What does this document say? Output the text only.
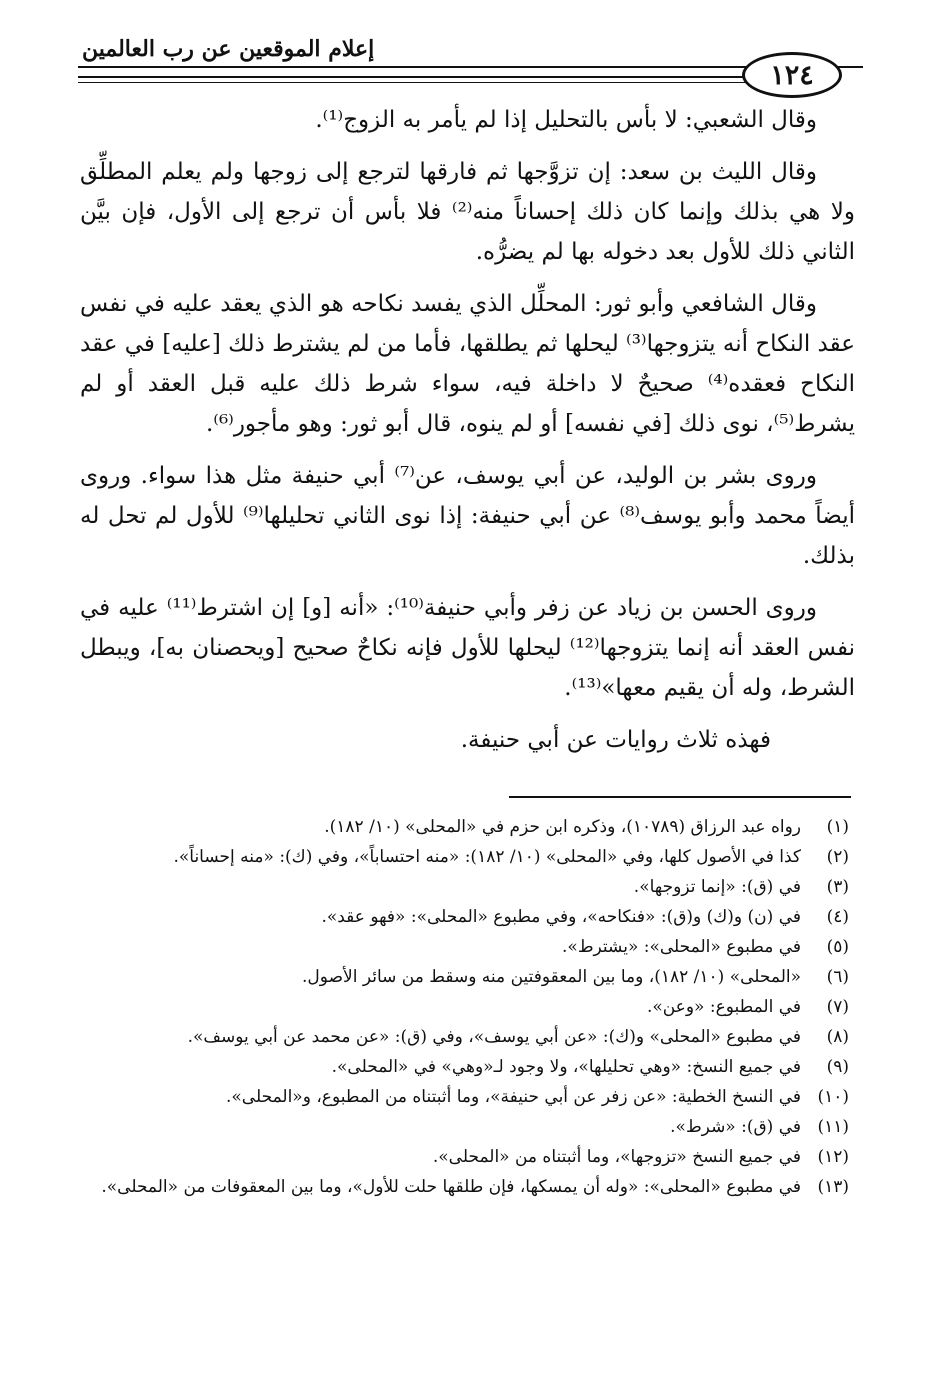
إعلام الموقعين عن رب العالمين
١٢٤

وقال الشعبي: لا بأس بالتحليل إذا لم يأمر به الزوج⁽¹⁾.

وقال الليث بن سعد: إن تزوَّجها ثم فارقها لترجع إلى زوجها ولم يعلم المطلِّق ولا هي بذلك وإنما كان ذلك إحساناً منه⁽²⁾ فلا بأس أن ترجع إلى الأول، فإن بيَّن الثاني ذلك للأول بعد دخوله بها لم يضرُّه.

وقال الشافعي وأبو ثور: المحلِّل الذي يفسد نكاحه هو الذي يعقد عليه في نفس عقد النكاح أنه يتزوجها⁽³⁾ ليحلها ثم يطلقها، فأما من لم يشترط ذلك [عليه] في عقد النكاح فعقده⁽⁴⁾ صحيحٌ لا داخلة فيه، سواء شرط ذلك عليه قبل العقد أو لم يشرط⁽⁵⁾، نوى ذلك [في نفسه] أو لم ينوه، قال أبو ثور: وهو مأجور⁽⁶⁾.

وروى بشر بن الوليد، عن أبي يوسف، عن⁽⁷⁾ أبي حنيفة مثل هذا سواء. وروى أيضاً محمد وأبو يوسف⁽⁸⁾ عن أبي حنيفة: إذا نوى الثاني تحليلها⁽⁹⁾ للأول لم تحل له بذلك.

وروى الحسن بن زياد عن زفر وأبي حنيفة⁽¹⁰⁾: «أنه [و] إن اشترط⁽¹¹⁾ عليه في نفس العقد أنه إنما يتزوجها⁽¹²⁾ ليحلها للأول فإنه نكاحٌ صحيح [ويحصنان به]، ويبطل الشرط، وله أن يقيم معها»⁽¹³⁾.

فهذه ثلاث روايات عن أبي حنيفة.

(١)
رواه عبد الرزاق (١٠٧٨٩)، وذكره ابن حزم في «المحلى» (١٠/ ١٨٢).
(٢)
كذا في الأصول كلها، وفي «المحلى» (١٠/ ١٨٢): «منه احتساباً»، وفي (ك): «منه إحساناً».
(٣)
في (ق): «إنما تزوجها».
(٤)
في (ن) و(ك) و(ق): «فنكاحه»، وفي مطبوع «المحلى»: «فهو عقد».
(٥)
في مطبوع «المحلى»: «يشترط».
(٦)
«المحلى» (١٠/ ١٨٢)، وما بين المعقوفتين منه وسقط من سائر الأصول.
(٧)
في المطبوع: «وعن».
(٨)
في مطبوع «المحلى» و(ك): «عن أبي يوسف»، وفي (ق): «عن محمد عن أبي يوسف».
(٩)
في جميع النسخ: «وهي تحليلها»، ولا وجود لـ«وهي» في «المحلى».
(١٠)
في النسخ الخطية: «عن زفر عن أبي حنيفة»، وما أثبتناه من المطبوع، و«المحلى».
(١١)
في (ق): «شرط».
(١٢)
في جميع النسخ «تزوجها»، وما أثبتناه من «المحلى».
(١٣)
في مطبوع «المحلى»: «وله أن يمسكها، فإن طلقها حلت للأول»، وما بين المعقوفات من «المحلى».
